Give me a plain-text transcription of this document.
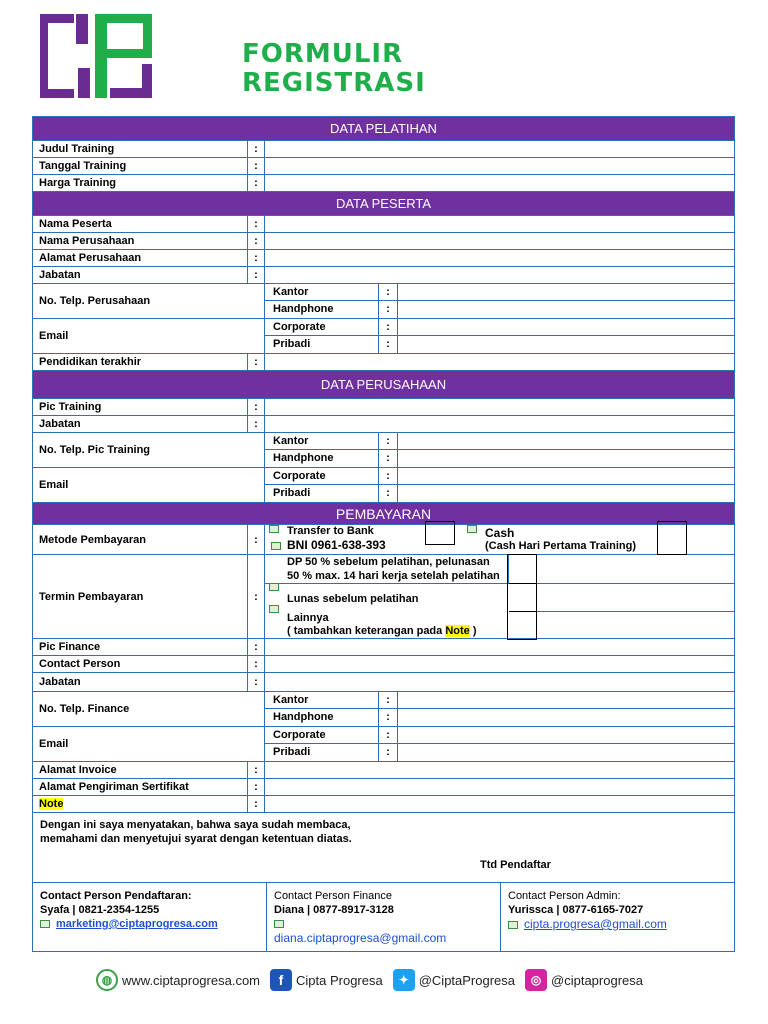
FORMULIR
REGISTRASI
DATA PELATIHAN
Judul Training	:
Tanggal Training	:
Harga Training	:
DATA PESERTA
Nama Peserta	:
Nama Perusahaan	:
Alamat Perusahaan	:
Jabatan	:
No. Telp. Perusahaan
Kantor	:
Handphone	:
Email
Corporate	:
Pribadi	:
Pendidikan terakhir	:
DATA PERUSAHAAN
Pic Training	:
Jabatan	:
No. Telp. Pic Training
Kantor	:
Handphone	:
Email
Corporate	:
Pribadi	:
PEMBAYARAN
Metode Pembayaran	:
Transfer to Bank
BNI 0961-638-393
Cash
(Cash Hari Pertama Training)
Termin Pembayaran	:
DP 50 % sebelum pelatihan, pelunasan
50 % max. 14 hari kerja setelah pelatihan
Lunas sebelum pelatihan
Lainnya
( tambahkan keterangan pada Note )
Pic Finance	:
Contact Person	:
Jabatan	:
No. Telp. Finance
Kantor	:
Handphone	:
Email
Corporate	:
Pribadi	:
Alamat Invoice	:
Alamat Pengiriman Sertifikat	:
Note	:
Dengan ini saya menyatakan, bahwa saya sudah membaca,
memahami dan menyetujui syarat dengan ketentuan diatas.
Ttd Pendaftar
Contact Person Pendaftaran:
Syafa | 0821-2354-1255
marketing@ciptaprogresa.com
Contact Person Finance
Diana | 0877-8917-3128
diana.ciptaprogresa@gmail.com
Contact Person Admin:
Yurissca | 0877-6165-7027
cipta.progresa@gmail.com
◍ www.ciptaprogresa.com	f Cipta Progresa	✦ @CiptaProgresa	◎ @ciptaprogresa
